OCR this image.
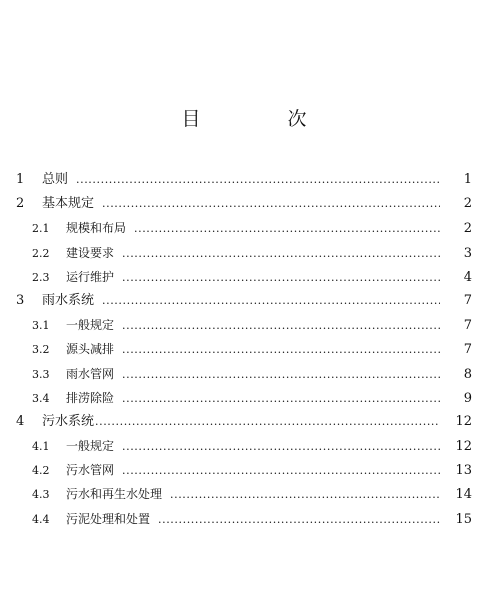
目　次
1	总则 .....	1
2	基本规定 .....	2
2.1	规模和布局 .....	2
2.2	建设要求 .....	3
2.3	运行维护 .....	4
3	雨水系统 .....	7
3.1	一般规定 .....	7
3.2	源头减排 .....	7
3.3	雨水管网 .....	8
3.4	排涝除险 .....	9
4	污水系统 .....	12
4.1	一般规定 .....	12
4.2	污水管网 .....	13
4.3	污水和再生水处理 .....	14
4.4	污泥处理和处置 .....	15
